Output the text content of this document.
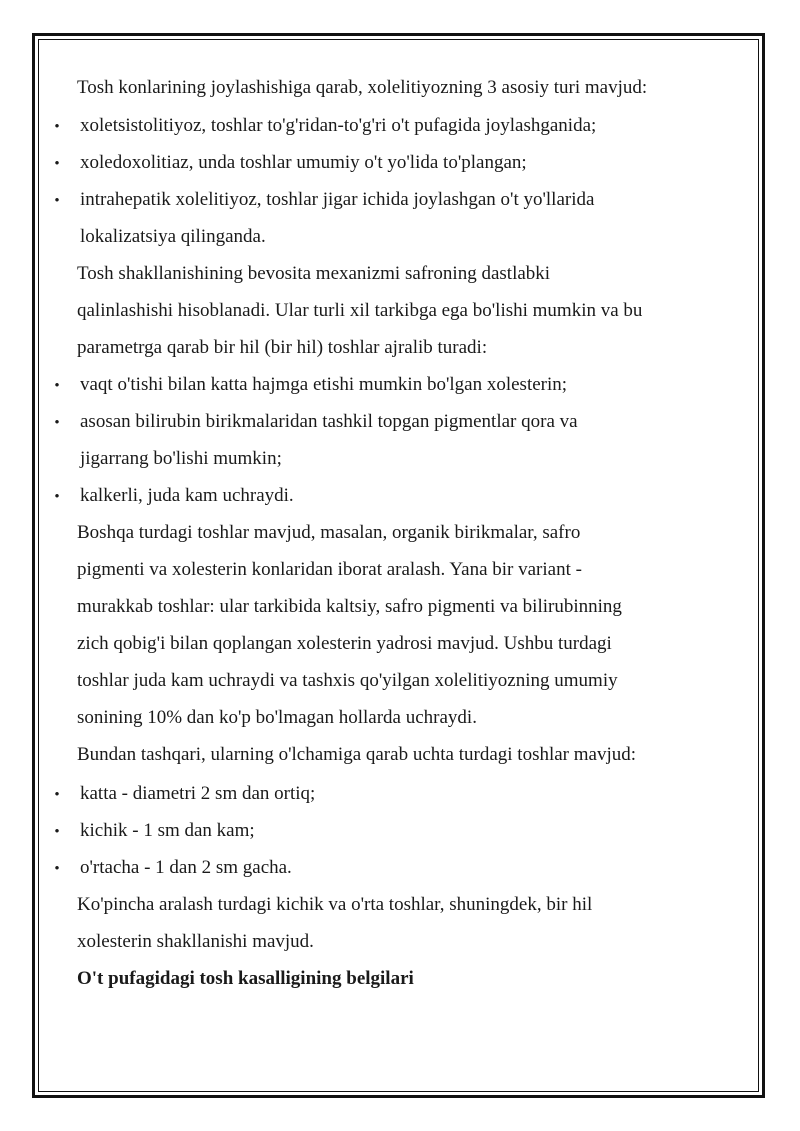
Tosh konlarining joylashishiga qarab, xolelitiyozning 3 asosiy turi mavjud:
• xoletsistolitiyoz, toshlar to'g'ridan-to'g'ri o't pufagida joylashganida;
• xoledoxolitiaz, unda toshlar umumiy o't yo'lida to'plangan;
• intrahepatik xolelitiyoz, toshlar jigar ichida joylashgan o't yo'llarida
lokalizatsiya qilinganda.
Tosh shakllanishining bevosita mexanizmi safroning dastlabki
qalinlashishi hisoblanadi. Ular turli xil tarkibga ega bo'lishi mumkin va bu
parametrga qarab bir hil (bir hil) toshlar ajralib turadi:
• vaqt o'tishi bilan katta hajmga etishi mumkin bo'lgan xolesterin;
• asosan bilirubin birikmalaridan tashkil topgan pigmentlar qora va
jigarrang bo'lishi mumkin;
• kalkerli, juda kam uchraydi.
Boshqa turdagi toshlar mavjud, masalan, organik birikmalar, safro
pigmenti va xolesterin konlaridan iborat aralash. Yana bir variant -
murakkab toshlar: ular tarkibida kaltsiy, safro pigmenti va bilirubinning
zich qobig'i bilan qoplangan xolesterin yadrosi mavjud. Ushbu turdagi
toshlar juda kam uchraydi va tashxis qo'yilgan xolelitiyozning umumiy
sonining 10% dan ko'p bo'lmagan hollarda uchraydi.
Bundan tashqari, ularning o'lchamiga qarab uchta turdagi toshlar mavjud:
• katta - diametri 2 sm dan ortiq;
• kichik - 1 sm dan kam;
• o'rtacha - 1 dan 2 sm gacha.
Ko'pincha aralash turdagi kichik va o'rta toshlar, shuningdek, bir hil
xolesterin shakllanishi mavjud.
O't pufagidagi tosh kasalligining belgilari
